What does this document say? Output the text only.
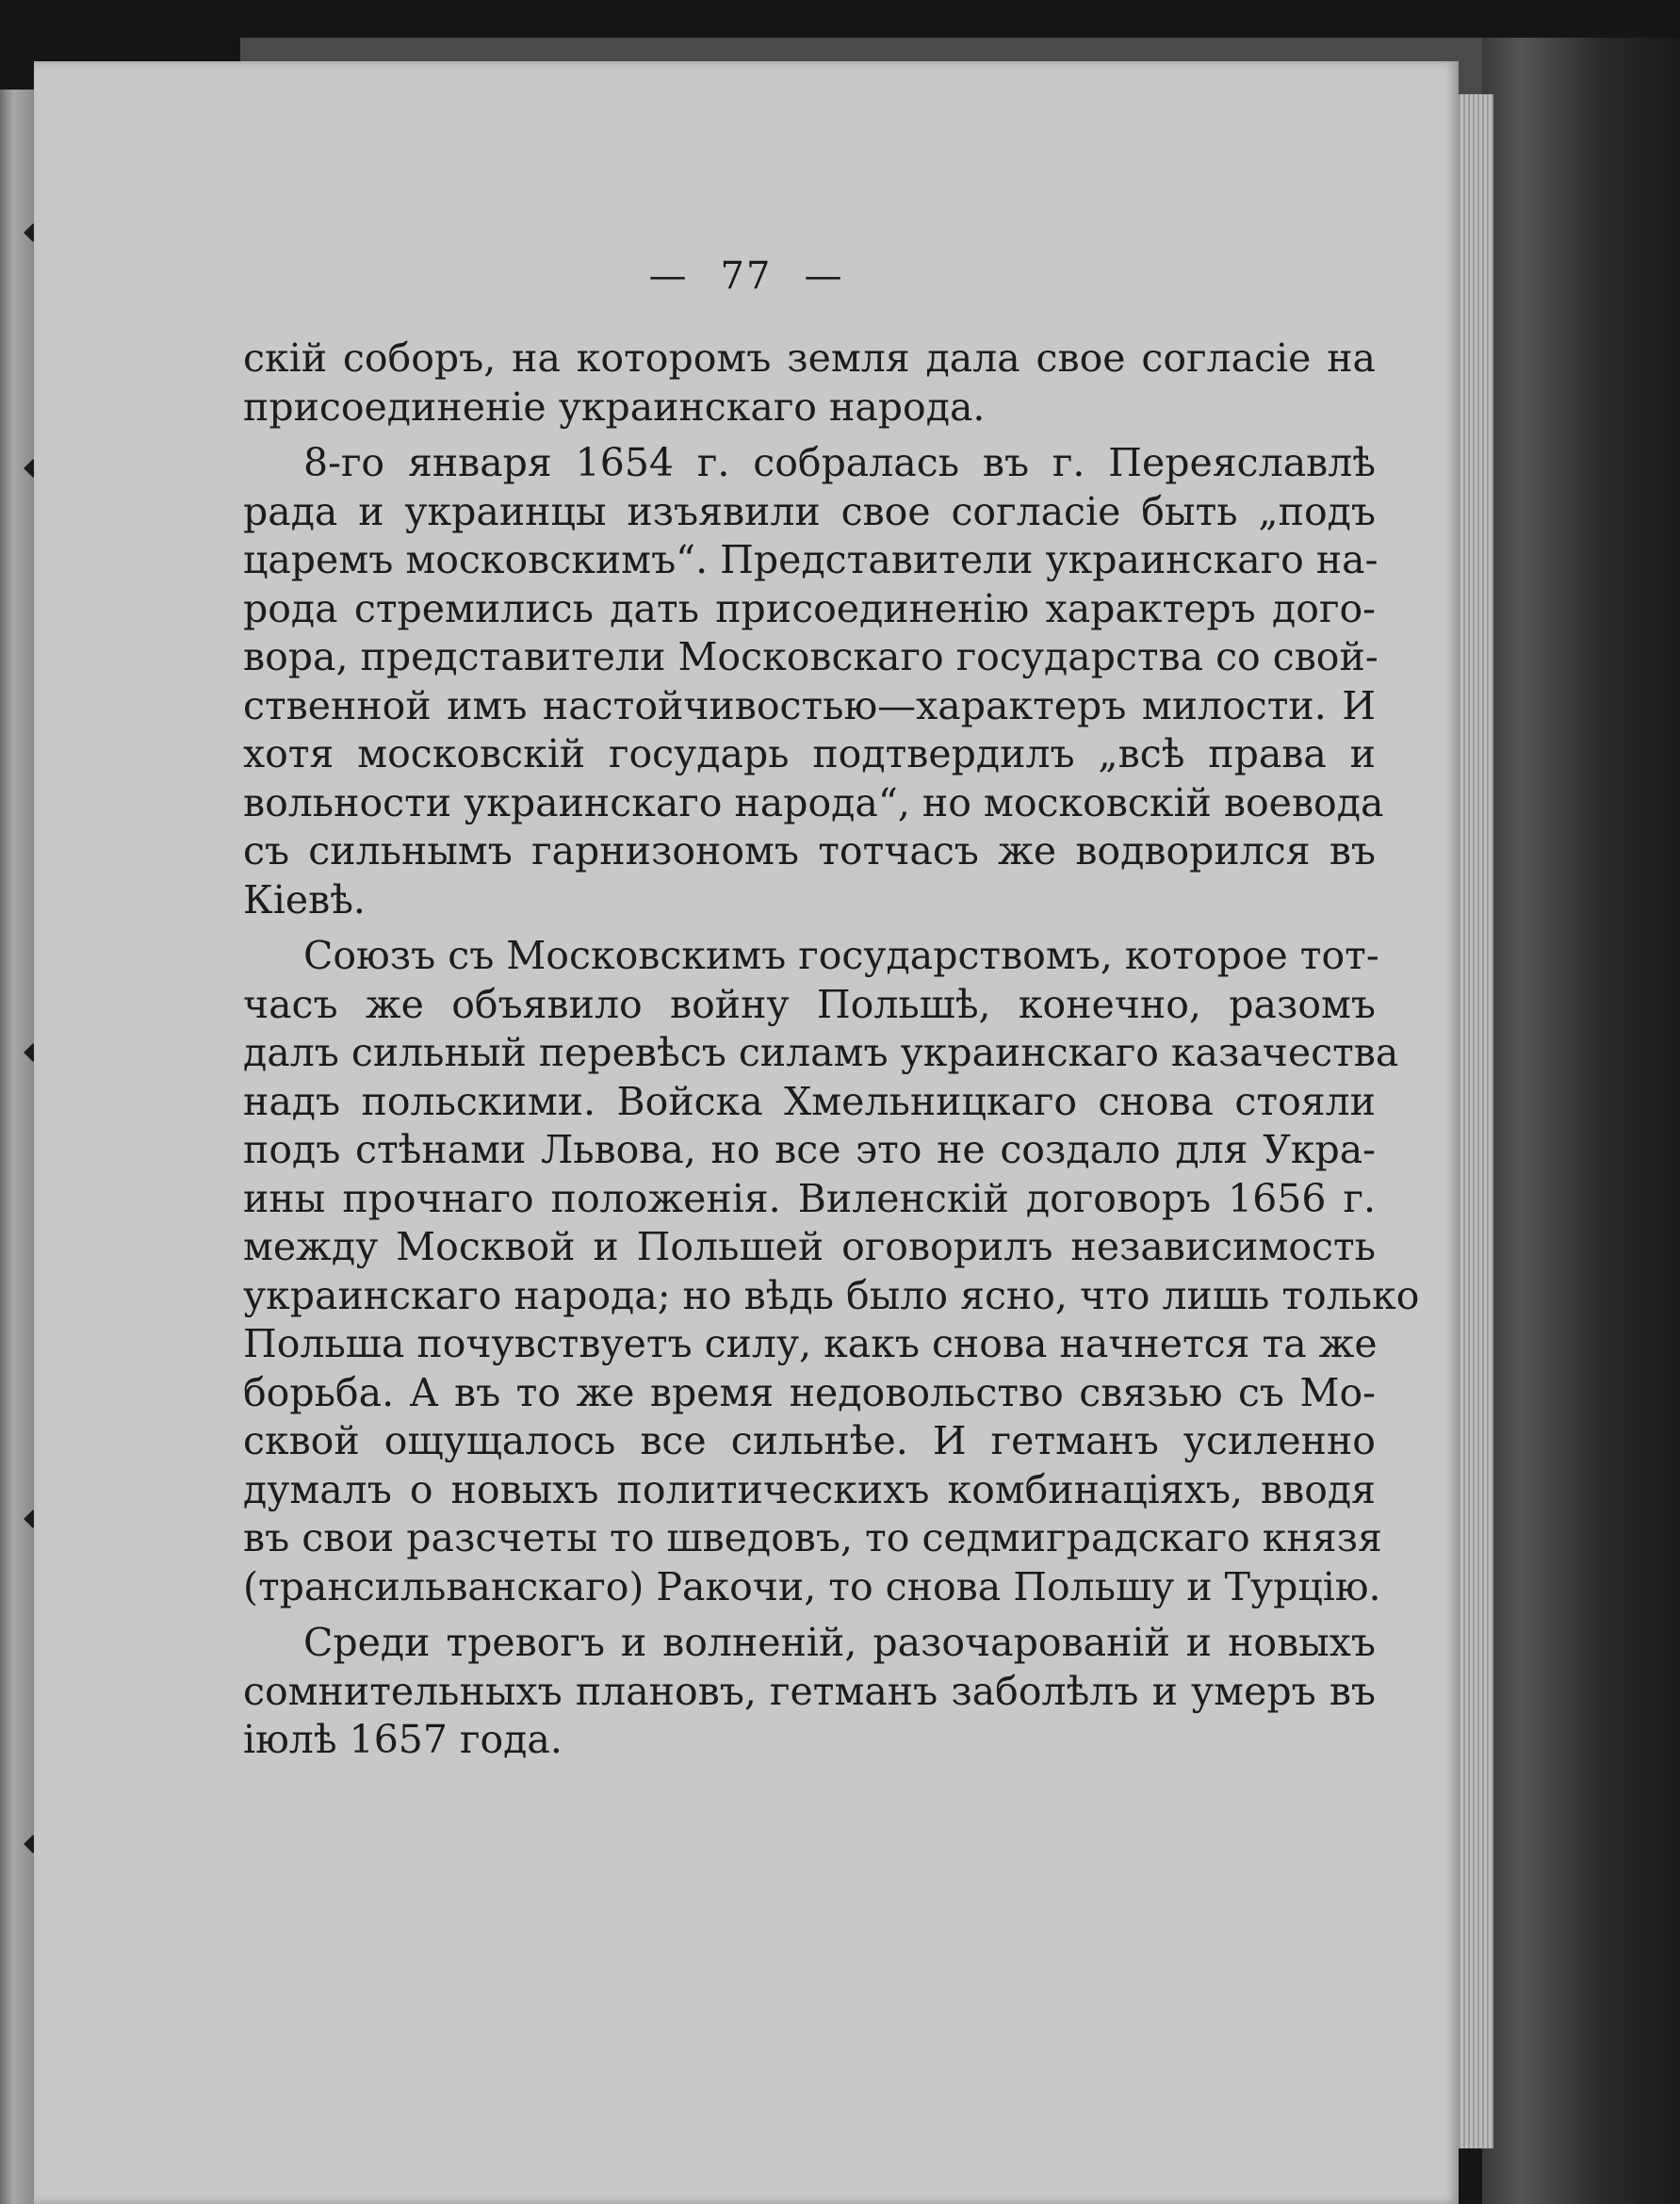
— 77 —
скій соборъ, на которомъ земля дала свое согласіе на
присоединеніе украинскаго народа.
8-го января 1654 г. собралась въ г. Переяславлѣ
рада и украинцы изъявили свое согласіе быть „подъ
царемъ московскимъ“. Представители украинскаго на-
рода стремились дать присоединенію характеръ дого-
вора, представители Московскаго государства со свой-
ственной имъ настойчивостью—характеръ милости. И
хотя московскій государь подтвердилъ „всѣ права и
вольности украинскаго народа“, но московскій воевода
съ сильнымъ гарнизономъ тотчасъ же водворился въ
Кіевѣ.
Союзъ съ Московскимъ государствомъ, которое тот-
часъ же объявило войну Польшѣ, конечно, разомъ
далъ сильный перевѣсъ силамъ украинскаго казачества
надъ польскими. Войска Хмельницкаго снова стояли
подъ стѣнами Львова, но все это не создало для Укра-
ины прочнаго положенія. Виленскій договоръ 1656 г.
между Москвой и Польшей оговорилъ независимость
украинскаго народа; но вѣдь было ясно, что лишь только
Польша почувствуетъ силу, какъ снова начнется та же
борьба. А въ то же время недовольство связью съ Мо-
сквой ощущалось все сильнѣе. И гетманъ усиленно
думалъ о новыхъ политическихъ комбинаціяхъ, вводя
въ свои разсчеты то шведовъ, то седмиградскаго князя
(трансильванскаго) Ракочи, то снова Польшу и Турцію.
Среди тревогъ и волненій, разочарованій и новыхъ
сомнительныхъ плановъ, гетманъ заболѣлъ и умеръ въ
іюлѣ 1657 года.
